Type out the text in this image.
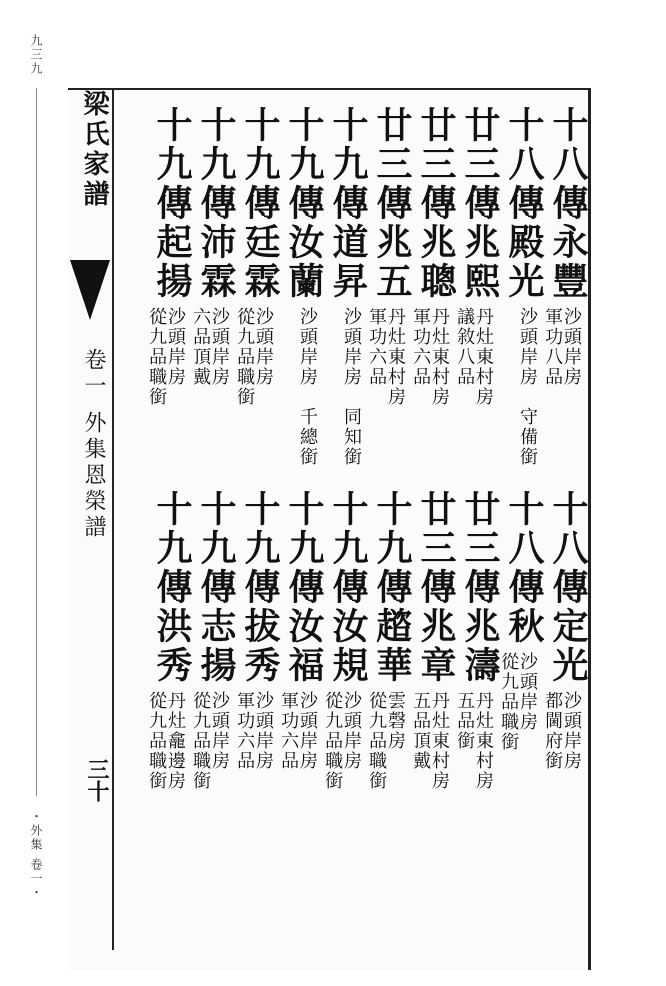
九三九
・外集 卷一・
梁氏家譜
卷一 外集恩榮譜
三十
十八傳永豐
沙頭岸房
軍功八品
十八傳殿光
沙頭岸房　守備銜
廿三傳兆熙
丹灶東村房
議敘八品
廿三傳兆聰
丹灶東村房
軍功六品
廿三傳兆五
丹灶東村房
軍功六品
十九傳道昇
沙頭岸房　同知銜
十九傳汝蘭
沙頭岸房　千總銜
十九傳廷霖
沙頭岸房
從九品職銜
十九傳沛霖
沙頭岸房
六品頂戴
十九傳起揚
沙頭岸房
從九品職銜
十八傳定光
沙頭岸房
都閫府銜
十八傳秋
沙頭岸房
從九品職銜
廿三傳兆濤
丹灶東村房
五品銜
廿三傳兆章
丹灶東村房
五品頂戴
十九傳趦華
雲磬房
從九品職銜
十九傳汝規
沙頭岸房
從九品職銜
十九傳汝福
沙頭岸房
軍功六品
十九傳拔秀
沙頭岸房
軍功六品
十九傳志揚
沙頭岸房
從九品職銜
十九傳洪秀
丹灶龕邊房
從九品職銜
